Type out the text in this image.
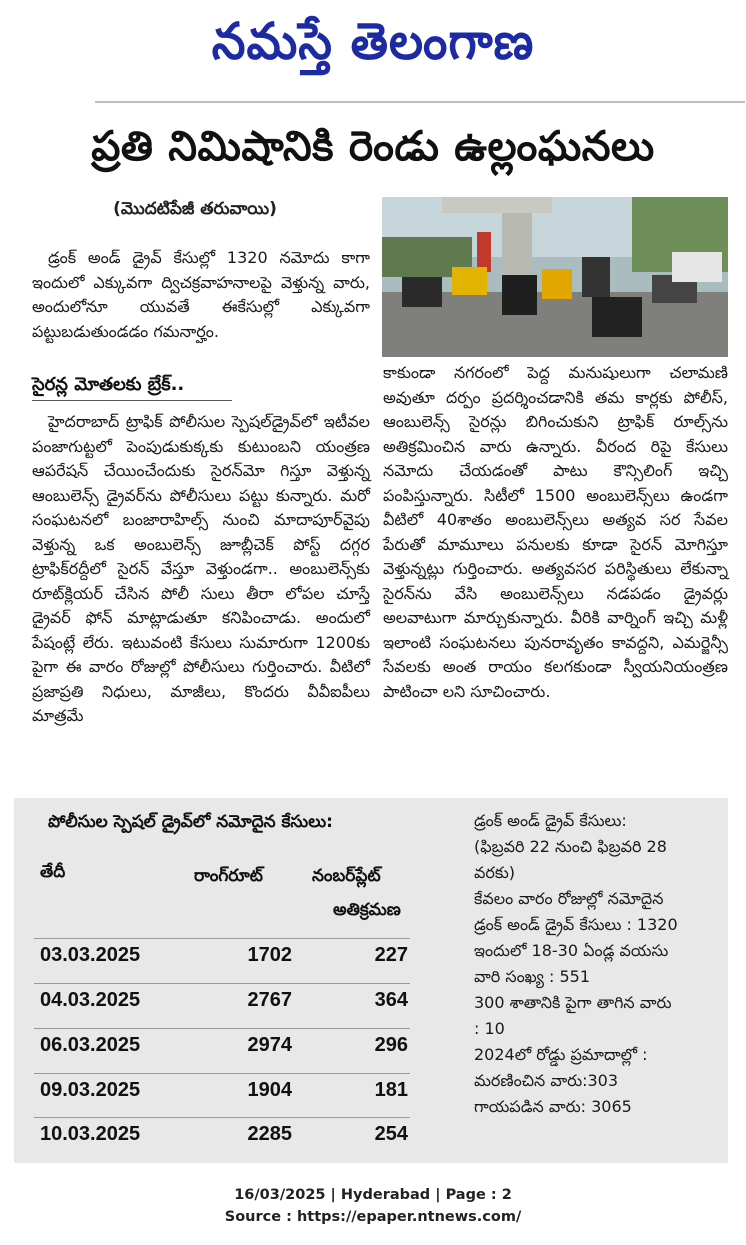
నమస్తే తెలంగాణ
ప్రతి నిమిషానికి రెండు ఉల్లంఘనలు
(మొదటిపేజీ తరువాయి)

డ్రంక్ అండ్ డ్రైవ్ కేసుల్లో 1320 నమోదు కాగా ఇందులో ఎక్కువగా ద్విచక్రవాహనాలపై వెళ్తున్న వారు, అందులోనూ యువతే ఈకేసుల్లో ఎక్కువగా పట్టుబడుతుండడం గమనార్హం.

సైరన్ల మోతలకు బ్రేక్..

హైదరాబాద్ ట్రాఫిక్ పోలీసుల స్పెషల్‌డ్రైవ్‌లో ఇటీవల పంజాగుట్టలో పెంపుడుకుక్కకు కుటుంబని యంత్రణ ఆపరేషన్ చేయించేందుకు సైరన్‌మో గిస్తూ వెళ్తున్న ఆంబులెన్స్ డ్రైవర్‌ను పోలీసులు పట్టు కున్నారు. మరో సంఘటనలో బంజారాహిల్స్ నుంచి మాదాపూర్‌వైపు వెళ్తున్న ఒక అంబులెన్స్ జూబ్లీచెక్ పోస్ట్ దగ్గర ట్రాఫిక్‌రద్దీలో సైరన్ వేస్తూ వెళ్తుండగా.. అంబులెన్స్‌కు రూట్‌క్లియర్ చేసిన పోలీ సులు తీరా లోపల చూస్తే డ్రైవర్ ఫోన్ మాట్లాడుతూ కనిపించాడు. అందులో పేషంట్లే లేరు. ఇటువంటి కేసులు సుమారుగా 1200కు పైగా ఈ వారం రోజుల్లో పోలీసులు గుర్తించారు. వీటిలో ప్రజాప్రతి నిధులు, మాజీలు, కొందరు వీవీఐపీలు మాత్రమే

కాకుండా నగరంలో పెద్ద మనుషులుగా చలామణి అవుతూ దర్పం ప్రదర్శించడానికి తమ కార్లకు పోలీస్, ఆంబులెన్స్ సైరన్లు బిగించుకుని ట్రాఫిక్ రూల్స్‌ను అతిక్రమించిన వారు ఉన్నారు. వీరంద రిపై కేసులు నమోదు చేయడంతో పాటు కౌన్సిలింగ్ ఇచ్చి పంపిస్తున్నారు. సిటీలో 1500 అంబులెన్స్‌లు ఉండగా వీటిలో 40శాతం అంబులెన్స్‌లు అత్యవ సర సేవల పేరుతో మామూలు పనులకు కూడా సైరన్ మోగిస్తూ వెళ్తున్నట్లు గుర్తించారు. అత్యవసర పరిస్థితులు లేకున్నా సైరన్‌ను వేసి అంబులెన్స్‌లు నడపడం డ్రైవర్లు అలవాటుగా మార్చుకున్నారు. వీరికి వార్నింగ్ ఇచ్చి మళ్లీ ఇలాంటి సంఘటనలు పునరావృతం కావద్దని, ఎమర్జెన్సీ సేవలకు అంత రాయం కలగకుండా స్వీయనియంత్రణ పాటించా లని సూచించారు.

పోలీసుల స్పెషల్ డ్రైవ్‌లో నమోదైన కేసులు:
తేదీ	రాంగ్‌రూట్	నంబర్‌ప్లేట్
అతిక్రమణ
03.03.2025	1702	227
04.03.2025	2767	364
06.03.2025	2974	296
09.03.2025	1904	181
10.03.2025	2285	254
డ్రంక్ అండ్ డ్రైవ్ కేసులు:
(ఫిబ్రవరి 22 నుంచి ఫిబ్రవరి 28
వరకు)
కేవలం వారం రోజుల్లో నమోదైన
డ్రంక్ అండ్ డ్రైవ్ కేసులు : 1320
ఇందులో 18-30 ఏండ్ల వయసు
వారి సంఖ్య : 551
300 శాతానికి పైగా తాగిన వారు
: 10
2024లో రోడ్డు ప్రమాదాల్లో :
మరణించిన వారు:303
గాయపడిన వారు: 3065
16/03/2025 | Hyderabad | Page : 2
Source : https://epaper.ntnews.com/
